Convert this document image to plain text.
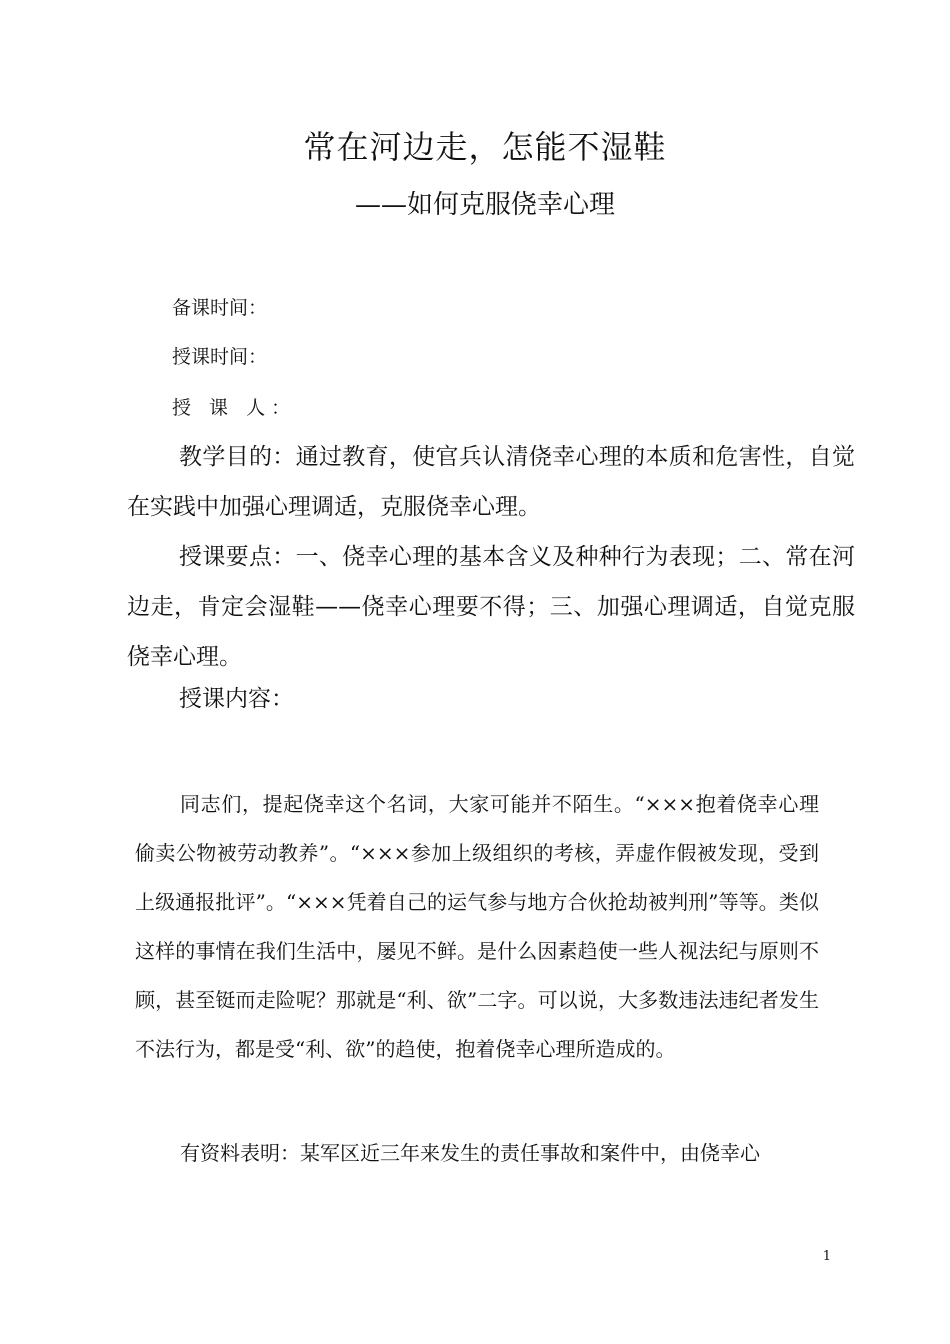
常在河边走，怎能不湿鞋
——如何克服侥幸心理
备课时间：
授课时间：
授 课 人：

教学目的：通过教育，使官兵认清侥幸心理的本质和危害性，自觉在实践中加强心理调适，克服侥幸心理。

授课要点：一、侥幸心理的基本含义及种种行为表现；二、常在河边走，肯定会湿鞋——侥幸心理要不得；三、加强心理调适，自觉克服侥幸心理。

授课内容：

同志们，提起侥幸这个名词，大家可能并不陌生。“×××抱着侥幸心理偷卖公物被劳动教养”。“×××参加上级组织的考核，弄虚作假被发现，受到上级通报批评”。“×××凭着自己的运气参与地方合伙抢劫被判刑”等等。类似这样的事情在我们生活中，屡见不鲜。是什么因素趋使一些人视法纪与原则不顾，甚至铤而走险呢？那就是“利、欲”二字。可以说，大多数违法违纪者发生不法行为，都是受“利、欲”的趋使，抱着侥幸心理所造成的。

有资料表明：某军区近三年来发生的责任事故和案件中，由侥幸心

1
